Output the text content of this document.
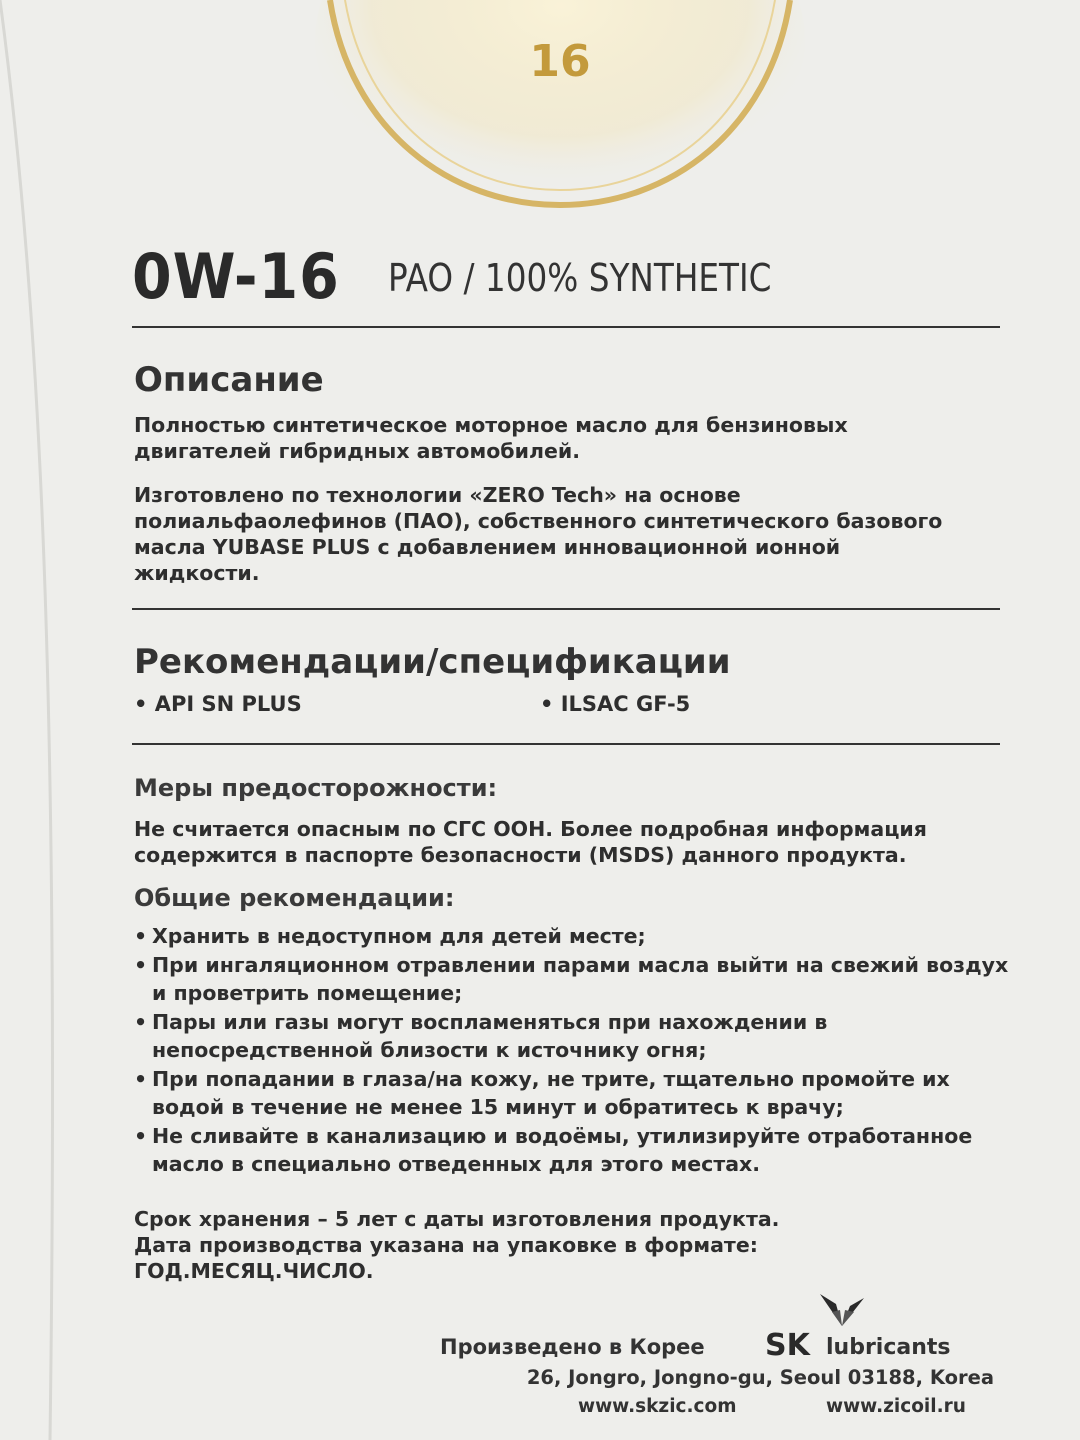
16
0W-16 PAO / 100% SYNTHETIC
Описание

Полностью синтетическое моторное масло для бензиновых двигателей гибридных автомобилей.

Изготовлено по технологии «ZERO Tech» на основе полиальфаолефинов (ПАО), собственного синтетического базового масла YUBASE PLUS с добавлением инновационной ионной жидкости.

Рекомендации/спецификации
• API SN PLUS	• ILSAC GF-5
Меры предосторожности:

Не считается опасным по СГС ООН. Более подробная информация содержится в паспорте безопасности (MSDS) данного продукта.

Общие рекомендации:
• Хранить в недоступном для детей месте;
• При ингаляционном отравлении парами масла выйти на свежий воздух и проветрить помещение;
• Пары или газы могут воспламеняться при нахождении в непосредственной близости к источнику огня;
• При попадании в глаза/на кожу, не трите, тщательно промойте их водой в течение не менее 15 минут и обратитесь к врачу;
• Не сливайте в канализацию и водоёмы, утилизируйте отработанное масло в специально отведенных для этого местах.
Срок хранения – 5 лет с даты изготовления продукта.
Дата производства указана на упаковке в формате:
ГОД.МЕСЯЦ.ЧИСЛО.
Произведено в Корее SK lubricants
26, Jongro, Jongno-gu, Seoul 03188, Korea
www.skzic.com	www.zicoil.ru
